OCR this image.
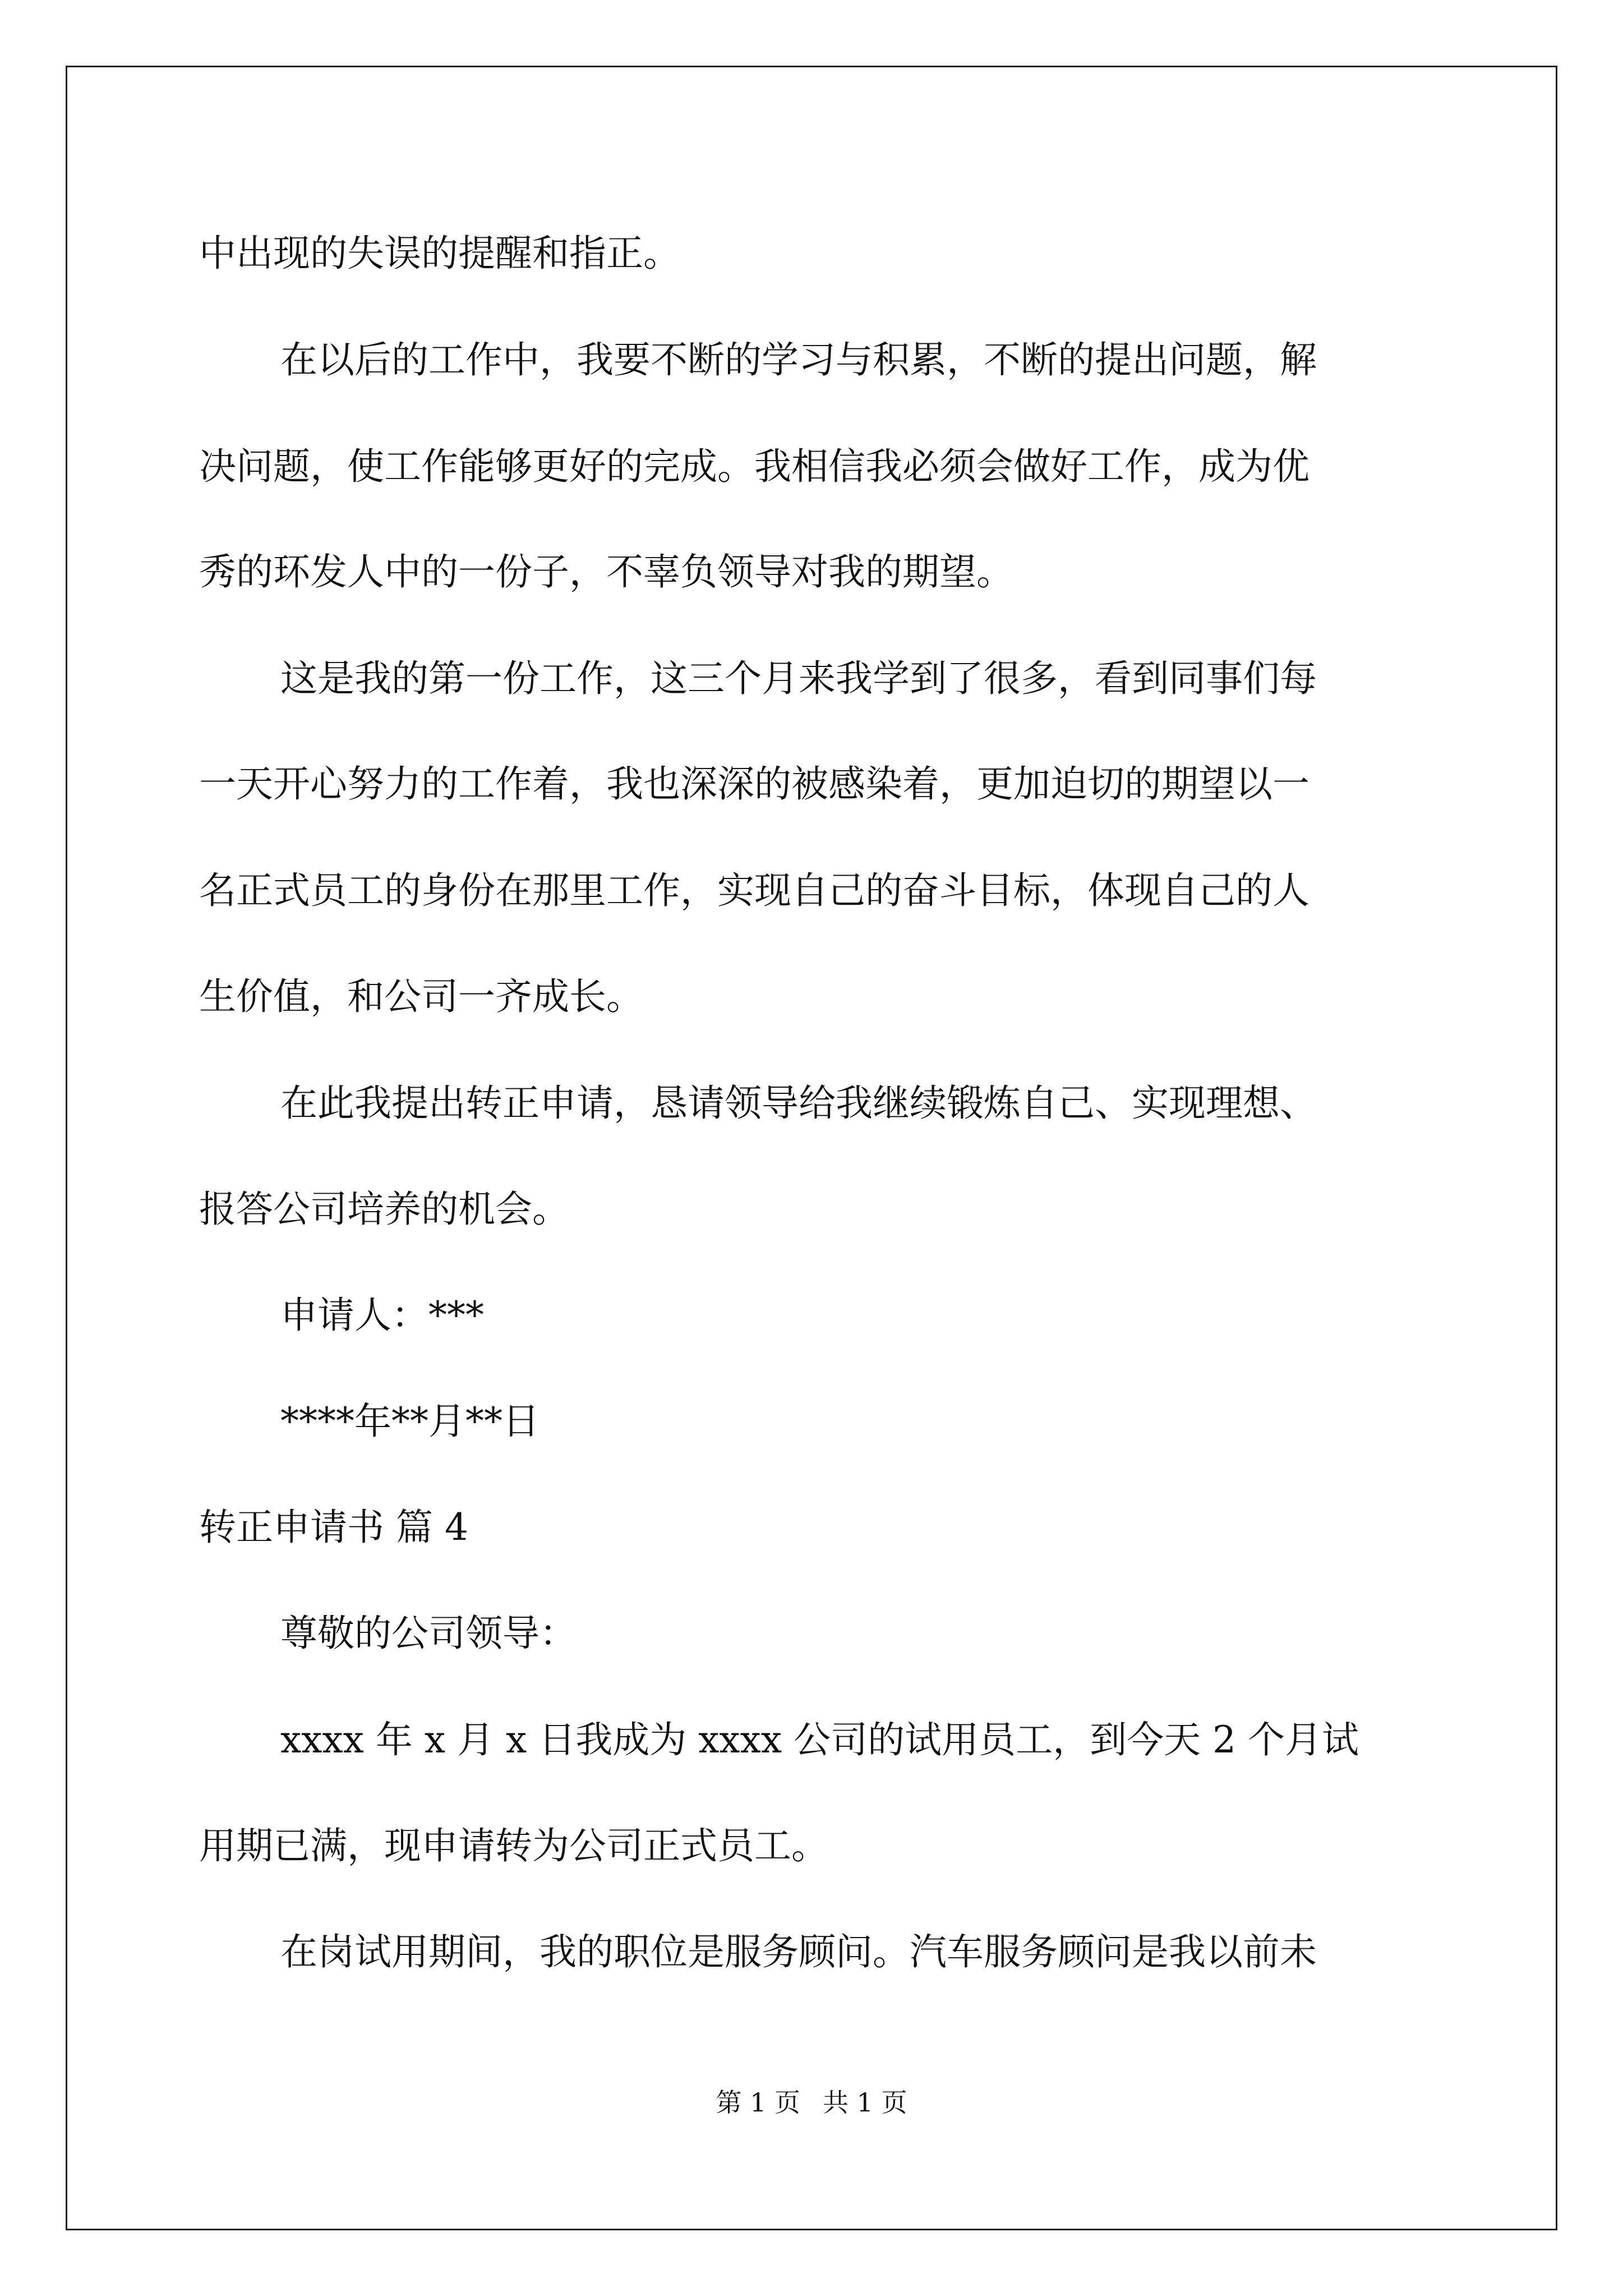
中出现的失误的提醒和指正。

在以后的工作中，我要不断的学习与积累，不断的提出问题，解

决问题，使工作能够更好的完成。我相信我必须会做好工作，成为优

秀的环发人中的一份子，不辜负领导对我的期望。

这是我的第一份工作，这三个月来我学到了很多，看到同事们每

一天开心努力的工作着，我也深深的被感染着，更加迫切的期望以一

名正式员工的身份在那里工作，实现自己的奋斗目标，体现自己的人

生价值，和公司一齐成长。

在此我提出转正申请，恳请领导给我继续锻炼自己、实现理想、

报答公司培养的机会。

申请人：***

****年**月**日

转正申请书 篇 4

尊敬的公司领导：

xxxx 年 x 月 x 日我成为 xxxx 公司的试用员工，到今天 2 个月试

用期已满，现申请转为公司正式员工。

在岗试用期间，我的职位是服务顾问。汽车服务顾问是我以前未

第 1 页 共 1 页
